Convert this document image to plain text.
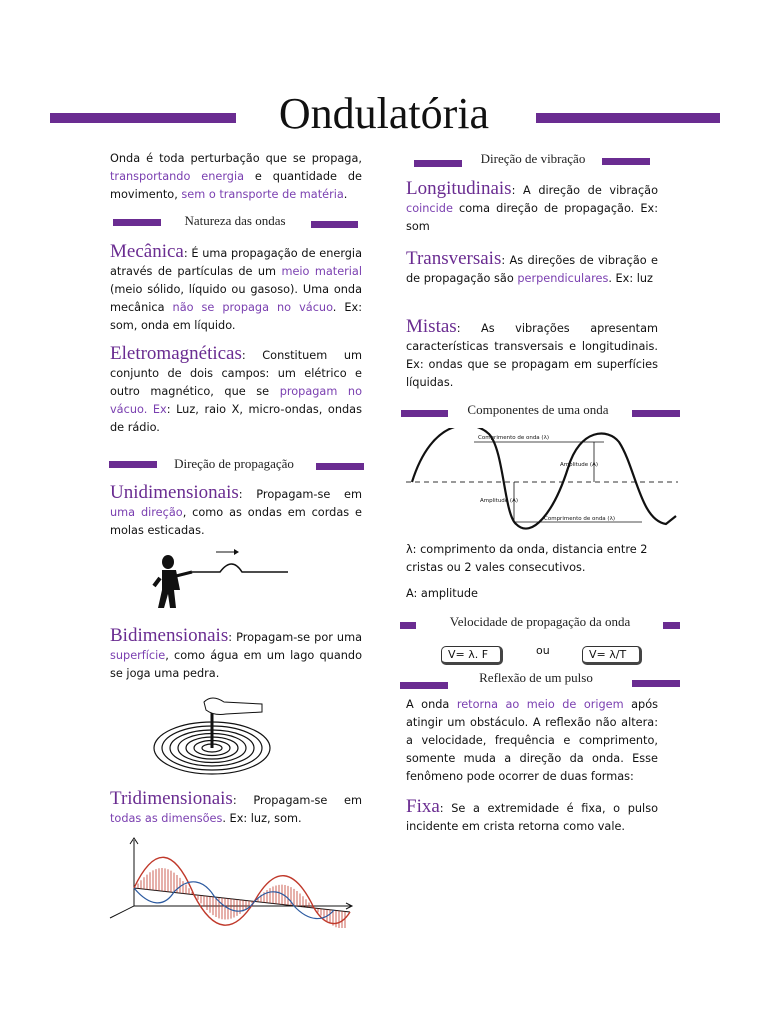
Ondulatória
Onda é toda perturbação que se propaga, transportando energia e quantidade de movimento, sem o transporte de matéria.
Natureza das ondas
Mecânica: É uma propagação de energia através de partículas de um meio material (meio sólido, líquido ou gasoso). Uma onda mecânica não se propaga no vácuo. Ex: som, onda em líquido.
Eletromagnéticas: Constituem um conjunto de dois campos: um elétrico e outro magnético, que se propagam no vácuo. Ex: Luz, raio X, micro-ondas, ondas de rádio.
Direção de propagação
Unidimensionais: Propagam-se em uma direção, como as ondas em cordas e molas esticadas.
Bidimensionais: Propagam-se por uma superfície, como água em um lago quando se joga uma pedra.
Tridimensionais: Propagam-se em todas as dimensões. Ex: luz, som.
Direção de vibração
Longitudinais: A direção de vibração coincide coma direção de propagação. Ex: som
Transversais: As direções de vibração e de propagação são perpendiculares. Ex: luz
Mistas: As vibrações apresentam características transversais e longitudinais. Ex: ondas que se propagam em superfícies líquidas.
Componentes de uma onda
Comprimento de onda (λ)
Amplitude (A)
Amplitude (A)
Comprimento de onda (λ)
λ: comprimento da onda, distancia entre 2 cristas ou 2 vales consecutivos.
A: amplitude
Velocidade de propagação da onda
V= λ. F	ou	V= λ/T
Reflexão de um pulso
A onda retorna ao meio de origem após atingir um obstáculo. A reflexão não altera: a velocidade, frequência e comprimento, somente muda a direção da onda. Esse fenômeno pode ocorrer de duas formas:
Fixa: Se a extremidade é fixa, o pulso incidente em crista retorna como vale.
